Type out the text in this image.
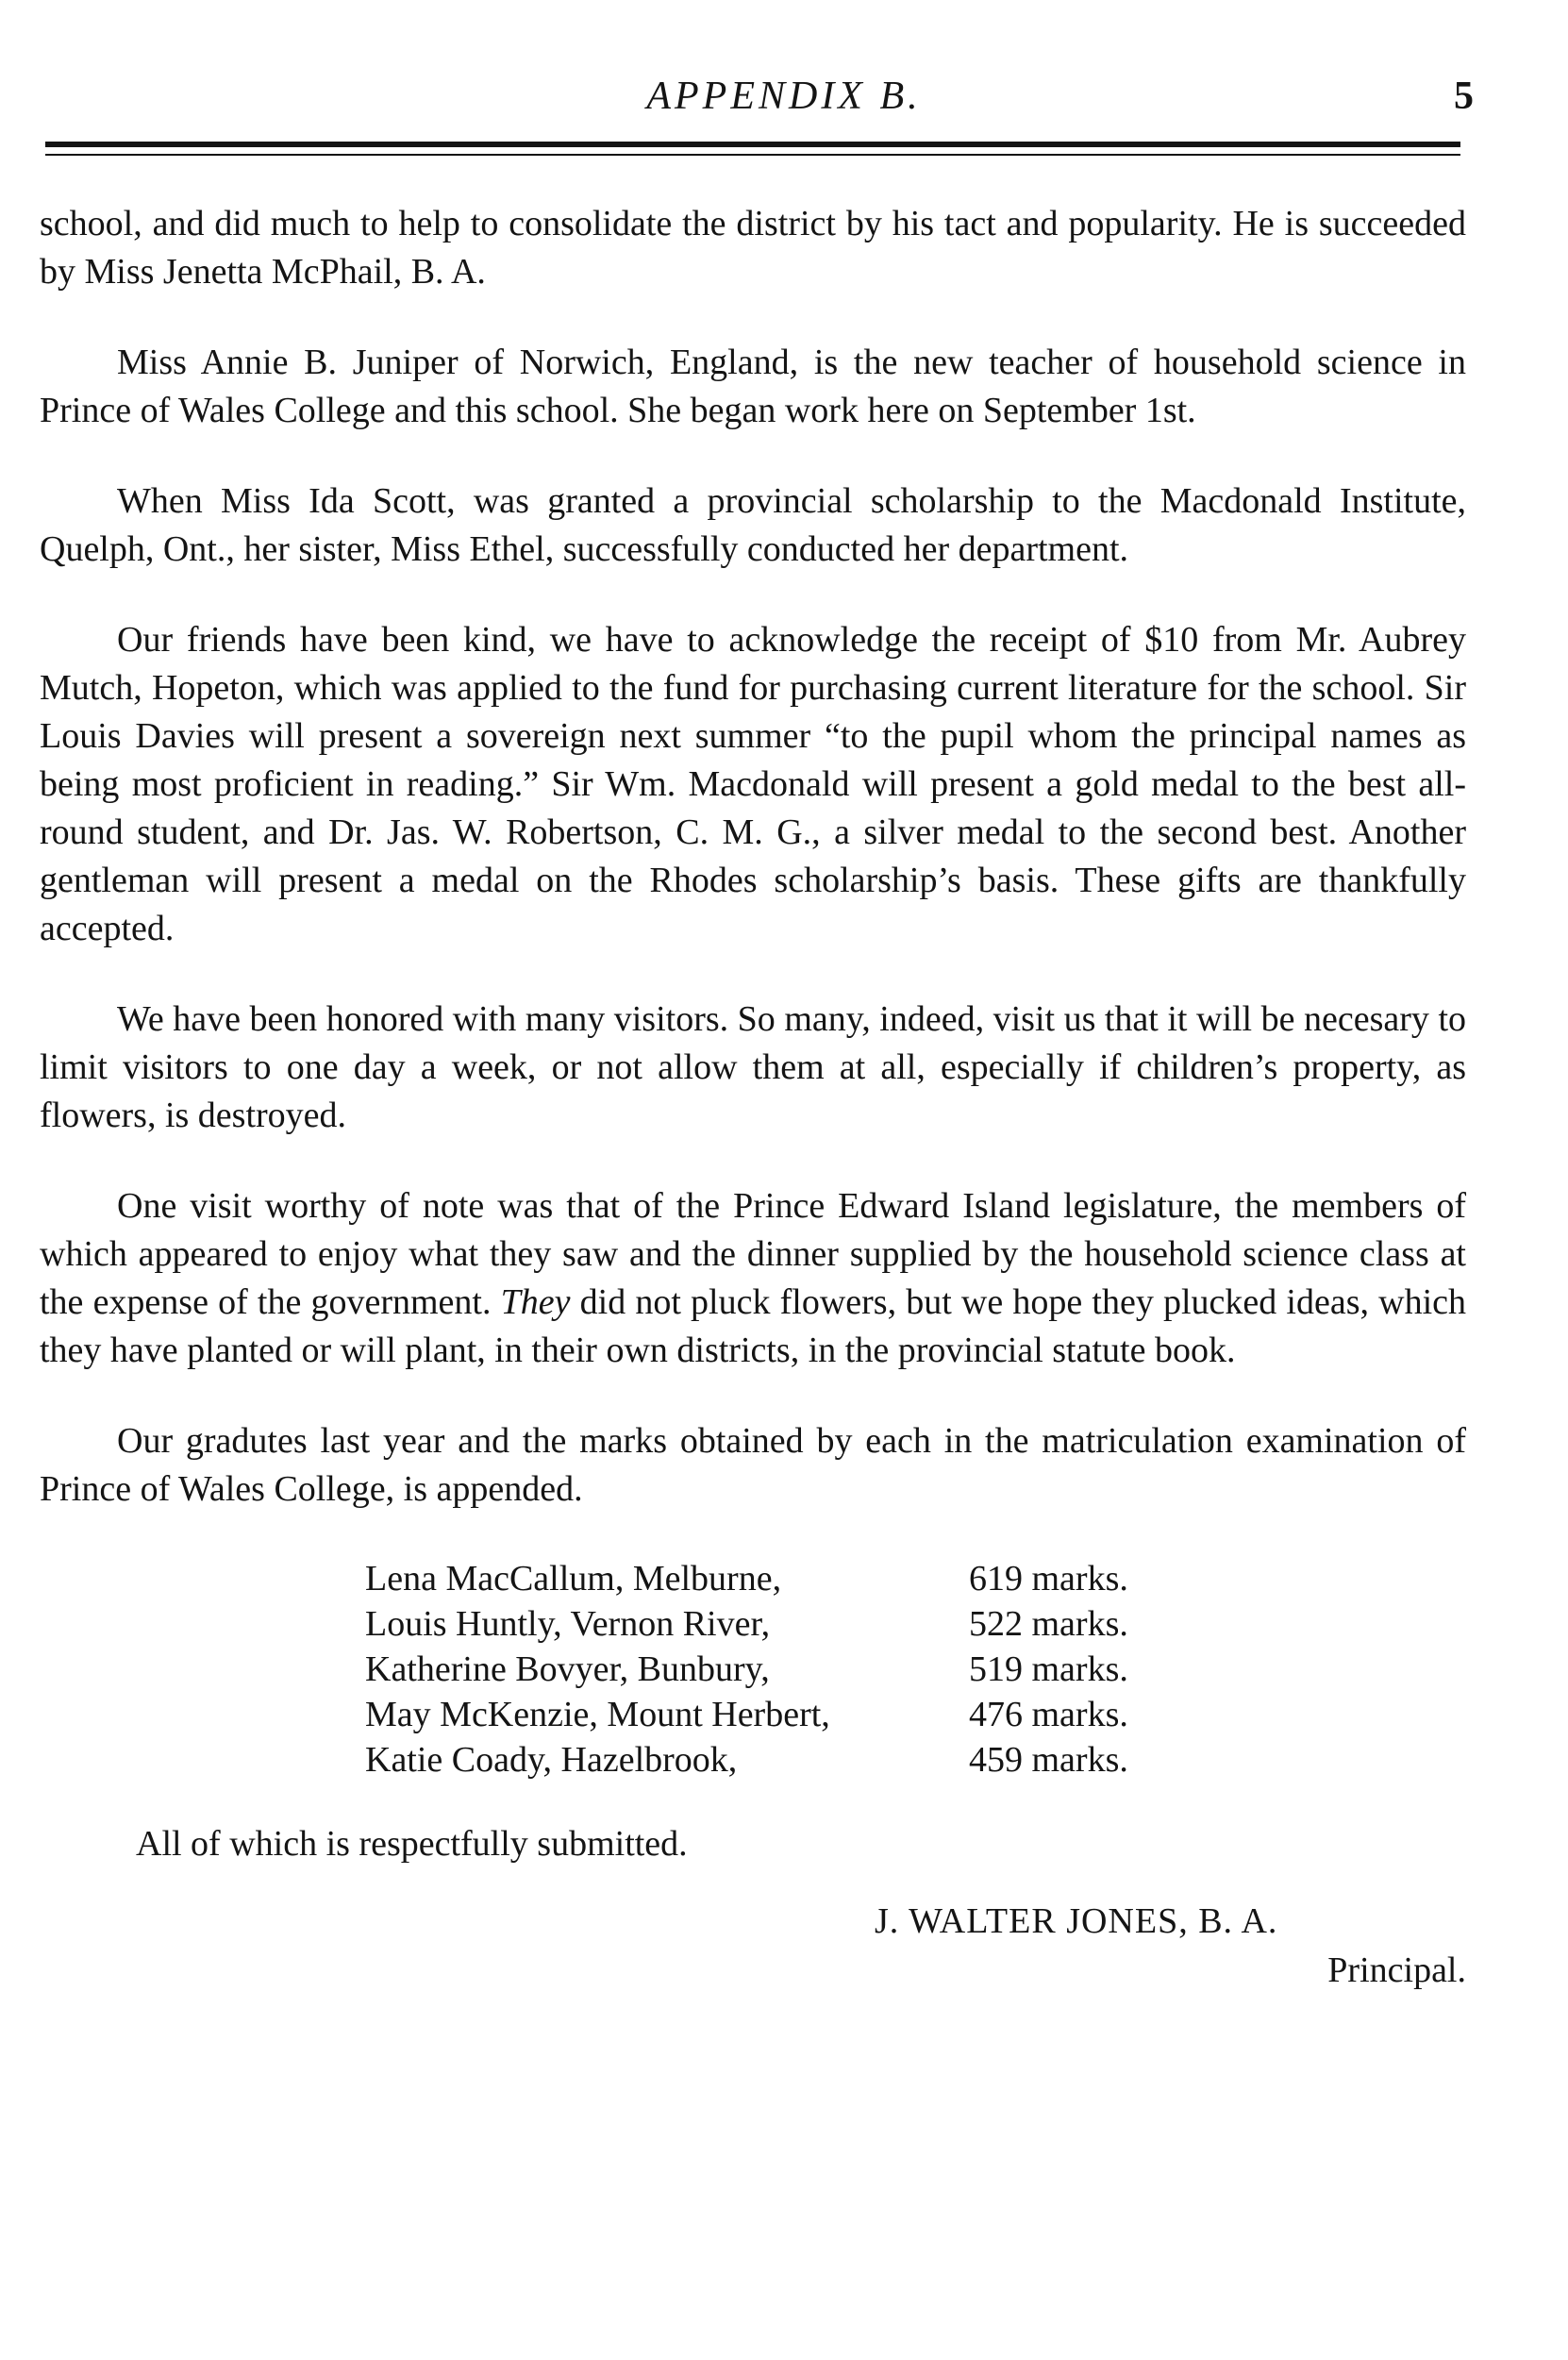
APPENDIX B.	5

school, and did much to help to consolidate the district by his tact and popularity. He is succeeded by Miss Jenetta McPhail, B. A.

Miss Annie B. Juniper of Norwich, England, is the new teacher of household science in Prince of Wales College and this school. She began work here on September 1st.

When Miss Ida Scott, was granted a provincial scholarship to the Macdonald Institute, Quelph, Ont., her sister, Miss Ethel, successfully conducted her department.

Our friends have been kind, we have to acknowledge the receipt of $10 from Mr. Aubrey Mutch, Hopeton, which was applied to the fund for purchasing current literature for the school. Sir Louis Davies will present a sovereign next summer “to the pupil whom the principal names as being most proficient in reading.” Sir Wm. Macdonald will present a gold medal to the best all-round student, and Dr. Jas. W. Robertson, C. M. G., a silver medal to the second best. Another gentleman will present a medal on the Rhodes scholarship’s basis. These gifts are thankfully accepted.

We have been honored with many visitors. So many, indeed, visit us that it will be necesary to limit visitors to one day a week, or not allow them at all, especially if children’s property, as flowers, is destroyed.

One visit worthy of note was that of the Prince Edward Island legislature, the members of which appeared to enjoy what they saw and the dinner supplied by the household science class at the expense of the government. They did not pluck flowers, but we hope they plucked ideas, which they have planted or will plant, in their own districts, in the provincial statute book.

Our gradutes last year and the marks obtained by each in the matriculation examination of Prince of Wales College, is appended.

Lena MacCallum, Melburne,	619 marks.
Louis Huntly, Vernon River,	522 marks.
Katherine Bovyer, Bunbury,	519 marks.
May McKenzie, Mount Herbert,	476 marks.
Katie Coady, Hazelbrook,	459 marks.

All of which is respectfully submitted.

J. WALTER JONES, B. A.
Principal.
